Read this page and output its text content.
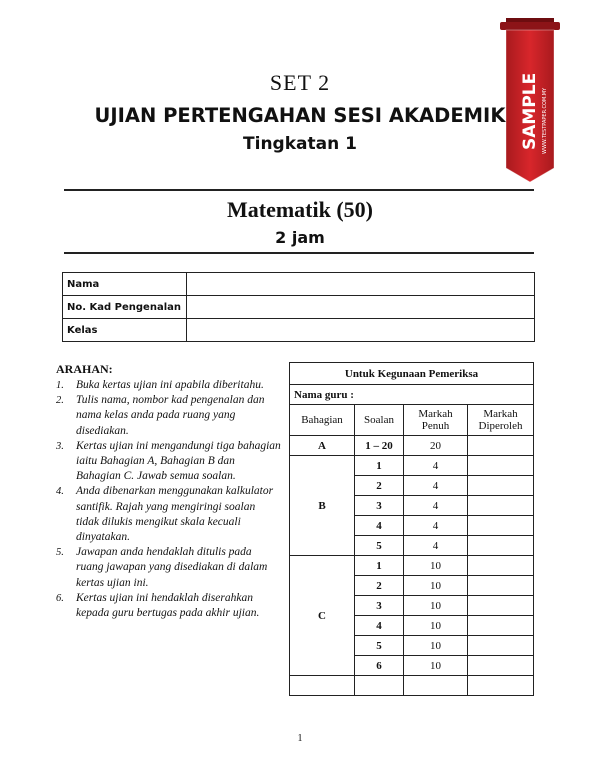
SET 2
UJIAN PERTENGAHAN SESI AKADEMIK
Tingkatan 1
Matematik (50)
2 jam
Nama	
No. Kad Pengenalan	
Kelas	
ARAHAN:
1. Buka kertas ujian ini apabila diberitahu.
2. Tulis nama, nombor kad pengenalan dan nama kelas anda pada ruang yang disediakan.
3. Kertas ujian ini mengandungi tiga bahagian iaitu Bahagian A, Bahagian B dan Bahagian C. Jawab semua soalan.
4. Anda dibenarkan menggunakan kalkulator santifik. Rajah yang mengiringi soalan tidak dilukis mengikut skala kecuali dinyatakan.
5. Jawapan anda hendaklah ditulis pada ruang jawapan yang disediakan di dalam kertas ujian ini.
6. Kertas ujian ini hendaklah diserahkan kepada guru bertugas pada akhir ujian.
Untuk Kegunaan Pemeriksa			
Nama guru :			
Bahagian	Soalan	Markah Penuh	Markah Diperoleh
A	1 – 20	20	
B	1	4	
	2	4	
	3	4	
	4	4	
	5	4	
C	1	10	
	2	10	
	3	10	
	4	10	
	5	10	
	6	10	

1
SAMPLE WWW.TESTPAPER.COM.MY
